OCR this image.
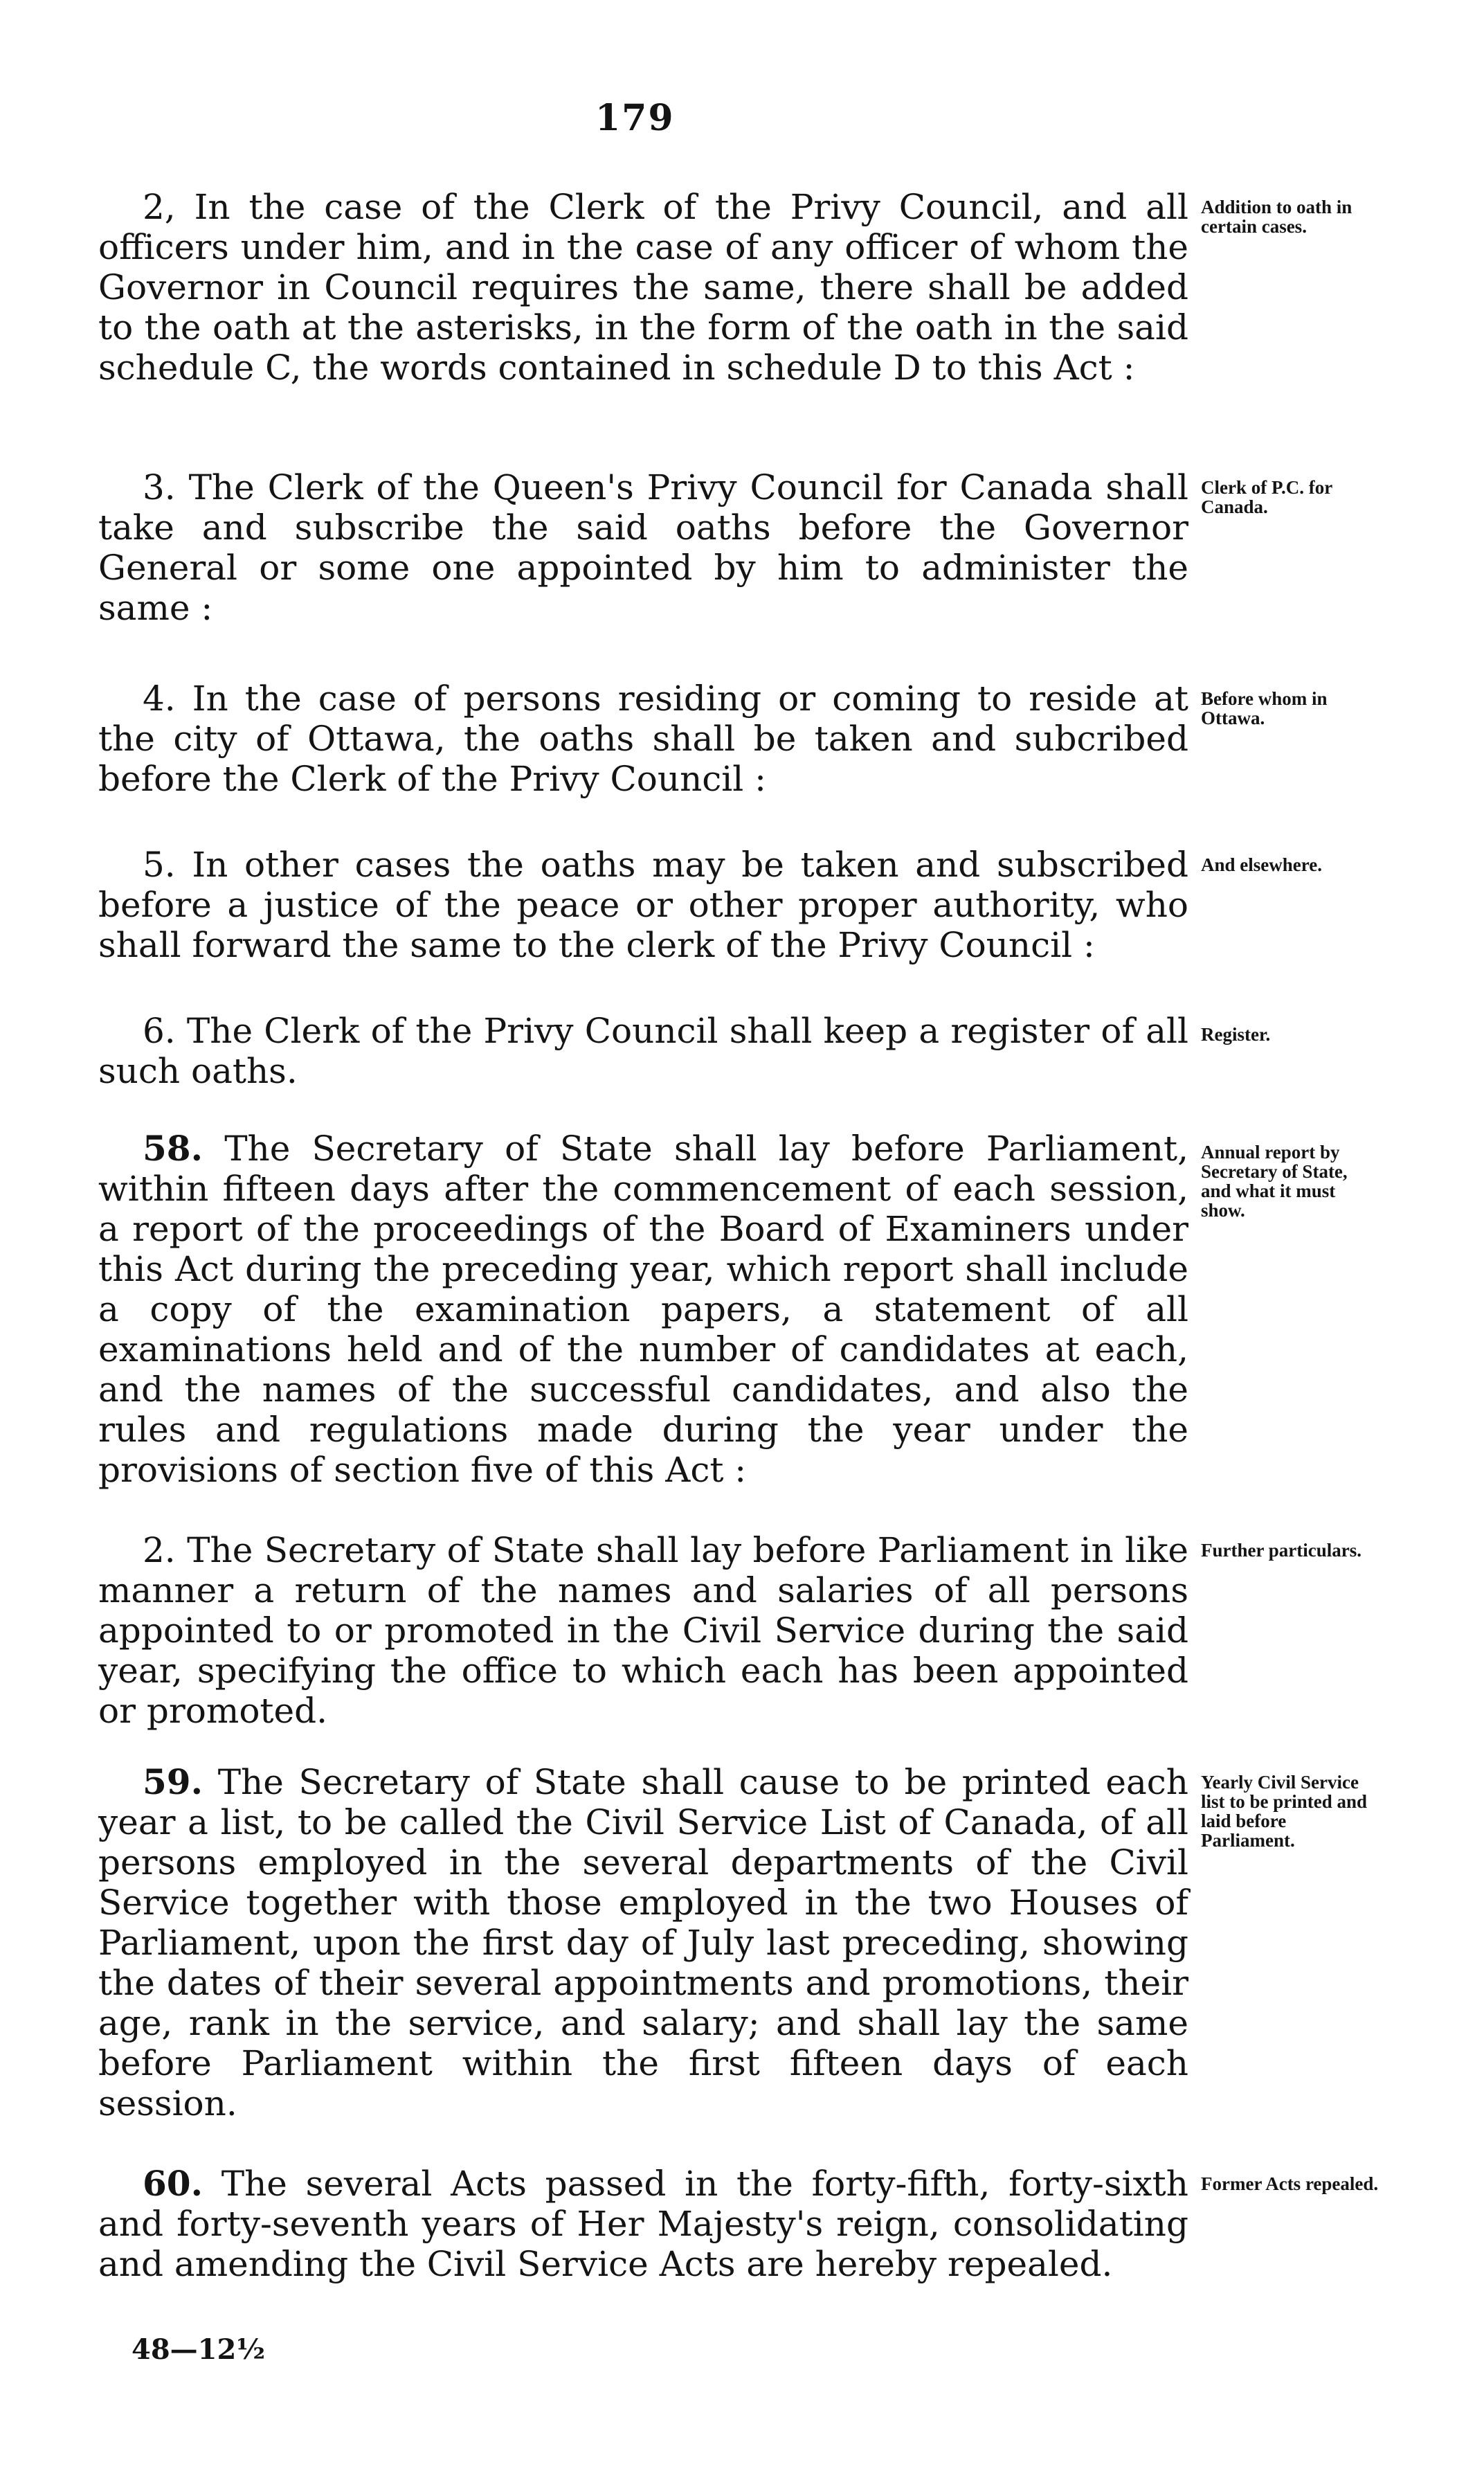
179

2, In the case of the Clerk of the Privy Council, and all officers under him, and in the case of any officer of whom the Governor in Council requires the same, there shall be added to the oath at the asterisks, in the form of the oath in the said schedule C, the words contained in schedule D to this Act :

Addition to oath in certain cases.

3. The Clerk of the Queen's Privy Council for Canada shall take and subscribe the said oaths before the Governor General or some one appointed by him to administer the same :

Clerk of P.C. for Canada.

4. In the case of persons residing or coming to reside at the city of Ottawa, the oaths shall be taken and subcribed before the Clerk of the Privy Council :

Before whom in Ottawa.

5. In other cases the oaths may be taken and subscribed before a justice of the peace or other proper authority, who shall forward the same to the clerk of the Privy Council :

And elsewhere.

6. The Clerk of the Privy Council shall keep a register of all such oaths.

Register.

58. The Secretary of State shall lay before Parliament, within fifteen days after the commencement of each session, a report of the proceedings of the Board of Examiners under this Act during the preceding year, which report shall include a copy of the examination papers, a statement of all examinations held and of the number of candidates at each, and the names of the successful candidates, and also the rules and regulations made during the year under the provisions of section five of this Act :

Annual report by Secretary of State, and what it must show.

2. The Secretary of State shall lay before Parliament in like manner a return of the names and salaries of all persons appointed to or promoted in the Civil Service during the said year, specifying the office to which each has been appointed or promoted.

Further particulars.

59. The Secretary of State shall cause to be printed each year a list, to be called the Civil Service List of Canada, of all persons employed in the several departments of the Civil Service together with those employed in the two Houses of Parliament, upon the first day of July last preceding, showing the dates of their several appointments and promotions, their age, rank in the service, and salary; and shall lay the same before Parliament within the first fifteen days of each session.

Yearly Civil Service list to be printed and laid before Parliament.

60. The several Acts passed in the forty-fifth, forty-sixth and forty-seventh years of Her Majesty's reign, consolidating and amending the Civil Service Acts are hereby repealed.

Former Acts repealed.

48—12½
